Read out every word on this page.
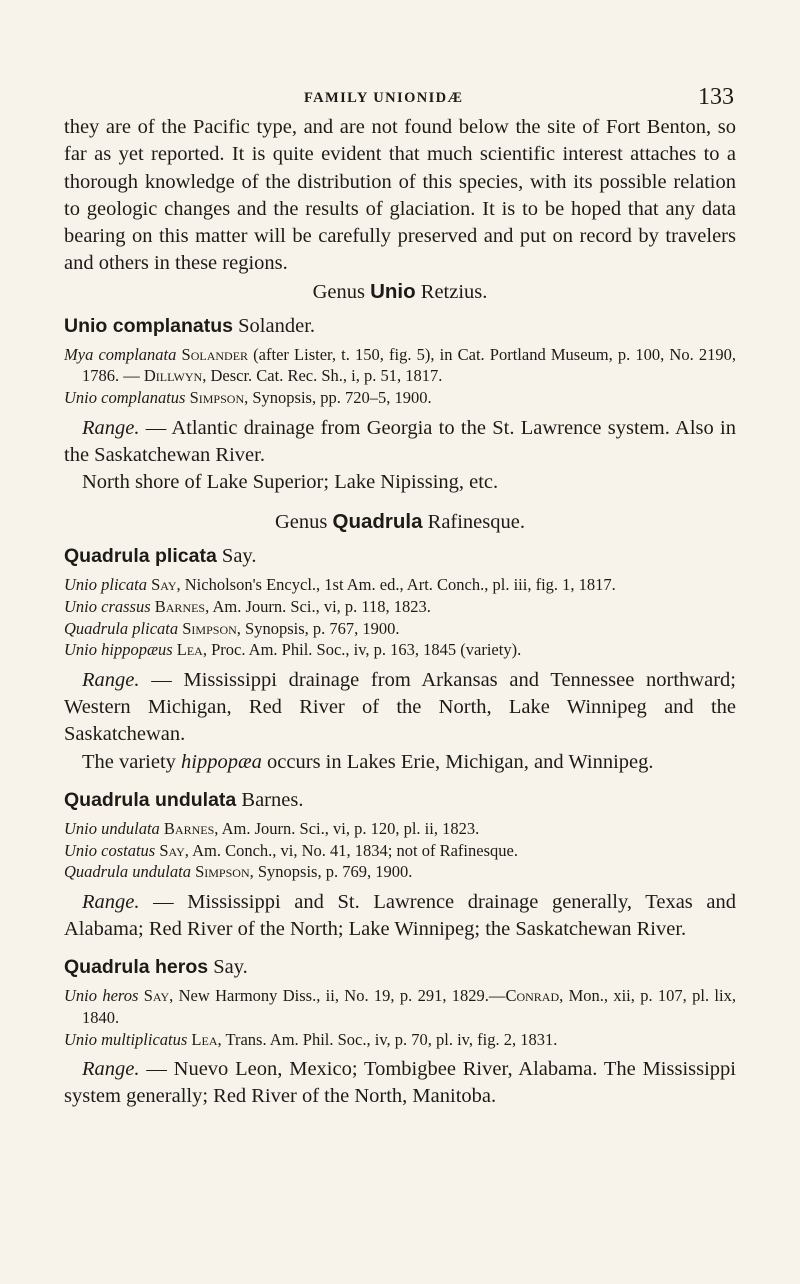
FAMILY UNIONIDÆ	133

they are of the Pacific type, and are not found below the site of Fort Benton, so far as yet reported. It is quite evident that much scientific interest attaches to a thorough knowledge of the distribution of this species, with its possible relation to geologic changes and the results of glaciation. It is to be hoped that any data bearing on this matter will be carefully preserved and put on record by travelers and others in these regions.

Genus Unio Retzius.

Unio complanatus Solander.

Mya complanata Solander (after Lister, t. 150, fig. 5), in Cat. Portland Museum, p. 100, No. 2190, 1786. — Dillwyn, Descr. Cat. Rec. Sh., i, p. 51, 1817.

Unio complanatus Simpson, Synopsis, pp. 720–5, 1900.

Range. — Atlantic drainage from Georgia to the St. Lawrence system. Also in the Saskatchewan River.

North shore of Lake Superior; Lake Nipissing, etc.

Genus Quadrula Rafinesque.

Quadrula plicata Say.

Unio plicata Say, Nicholson's Encycl., 1st Am. ed., Art. Conch., pl. iii, fig. 1, 1817.

Unio crassus Barnes, Am. Journ. Sci., vi, p. 118, 1823.

Quadrula plicata Simpson, Synopsis, p. 767, 1900.

Unio hippopæus Lea, Proc. Am. Phil. Soc., iv, p. 163, 1845 (variety).

Range. — Mississippi drainage from Arkansas and Tennessee northward; Western Michigan, Red River of the North, Lake Winnipeg and the Saskatchewan.

The variety hippopæa occurs in Lakes Erie, Michigan, and Winnipeg.

Quadrula undulata Barnes.

Unio undulata Barnes, Am. Journ. Sci., vi, p. 120, pl. ii, 1823.

Unio costatus Say, Am. Conch., vi, No. 41, 1834; not of Rafinesque.

Quadrula undulata Simpson, Synopsis, p. 769, 1900.

Range. — Mississippi and St. Lawrence drainage generally, Texas and Alabama; Red River of the North; Lake Winnipeg; the Saskatchewan River.

Quadrula heros Say.

Unio heros Say, New Harmony Diss., ii, No. 19, p. 291, 1829.—Conrad, Mon., xii, p. 107, pl. lix, 1840.

Unio multiplicatus Lea, Trans. Am. Phil. Soc., iv, p. 70, pl. iv, fig. 2, 1831.

Range. — Nuevo Leon, Mexico; Tombigbee River, Alabama. The Mississippi system generally; Red River of the North, Manitoba.
